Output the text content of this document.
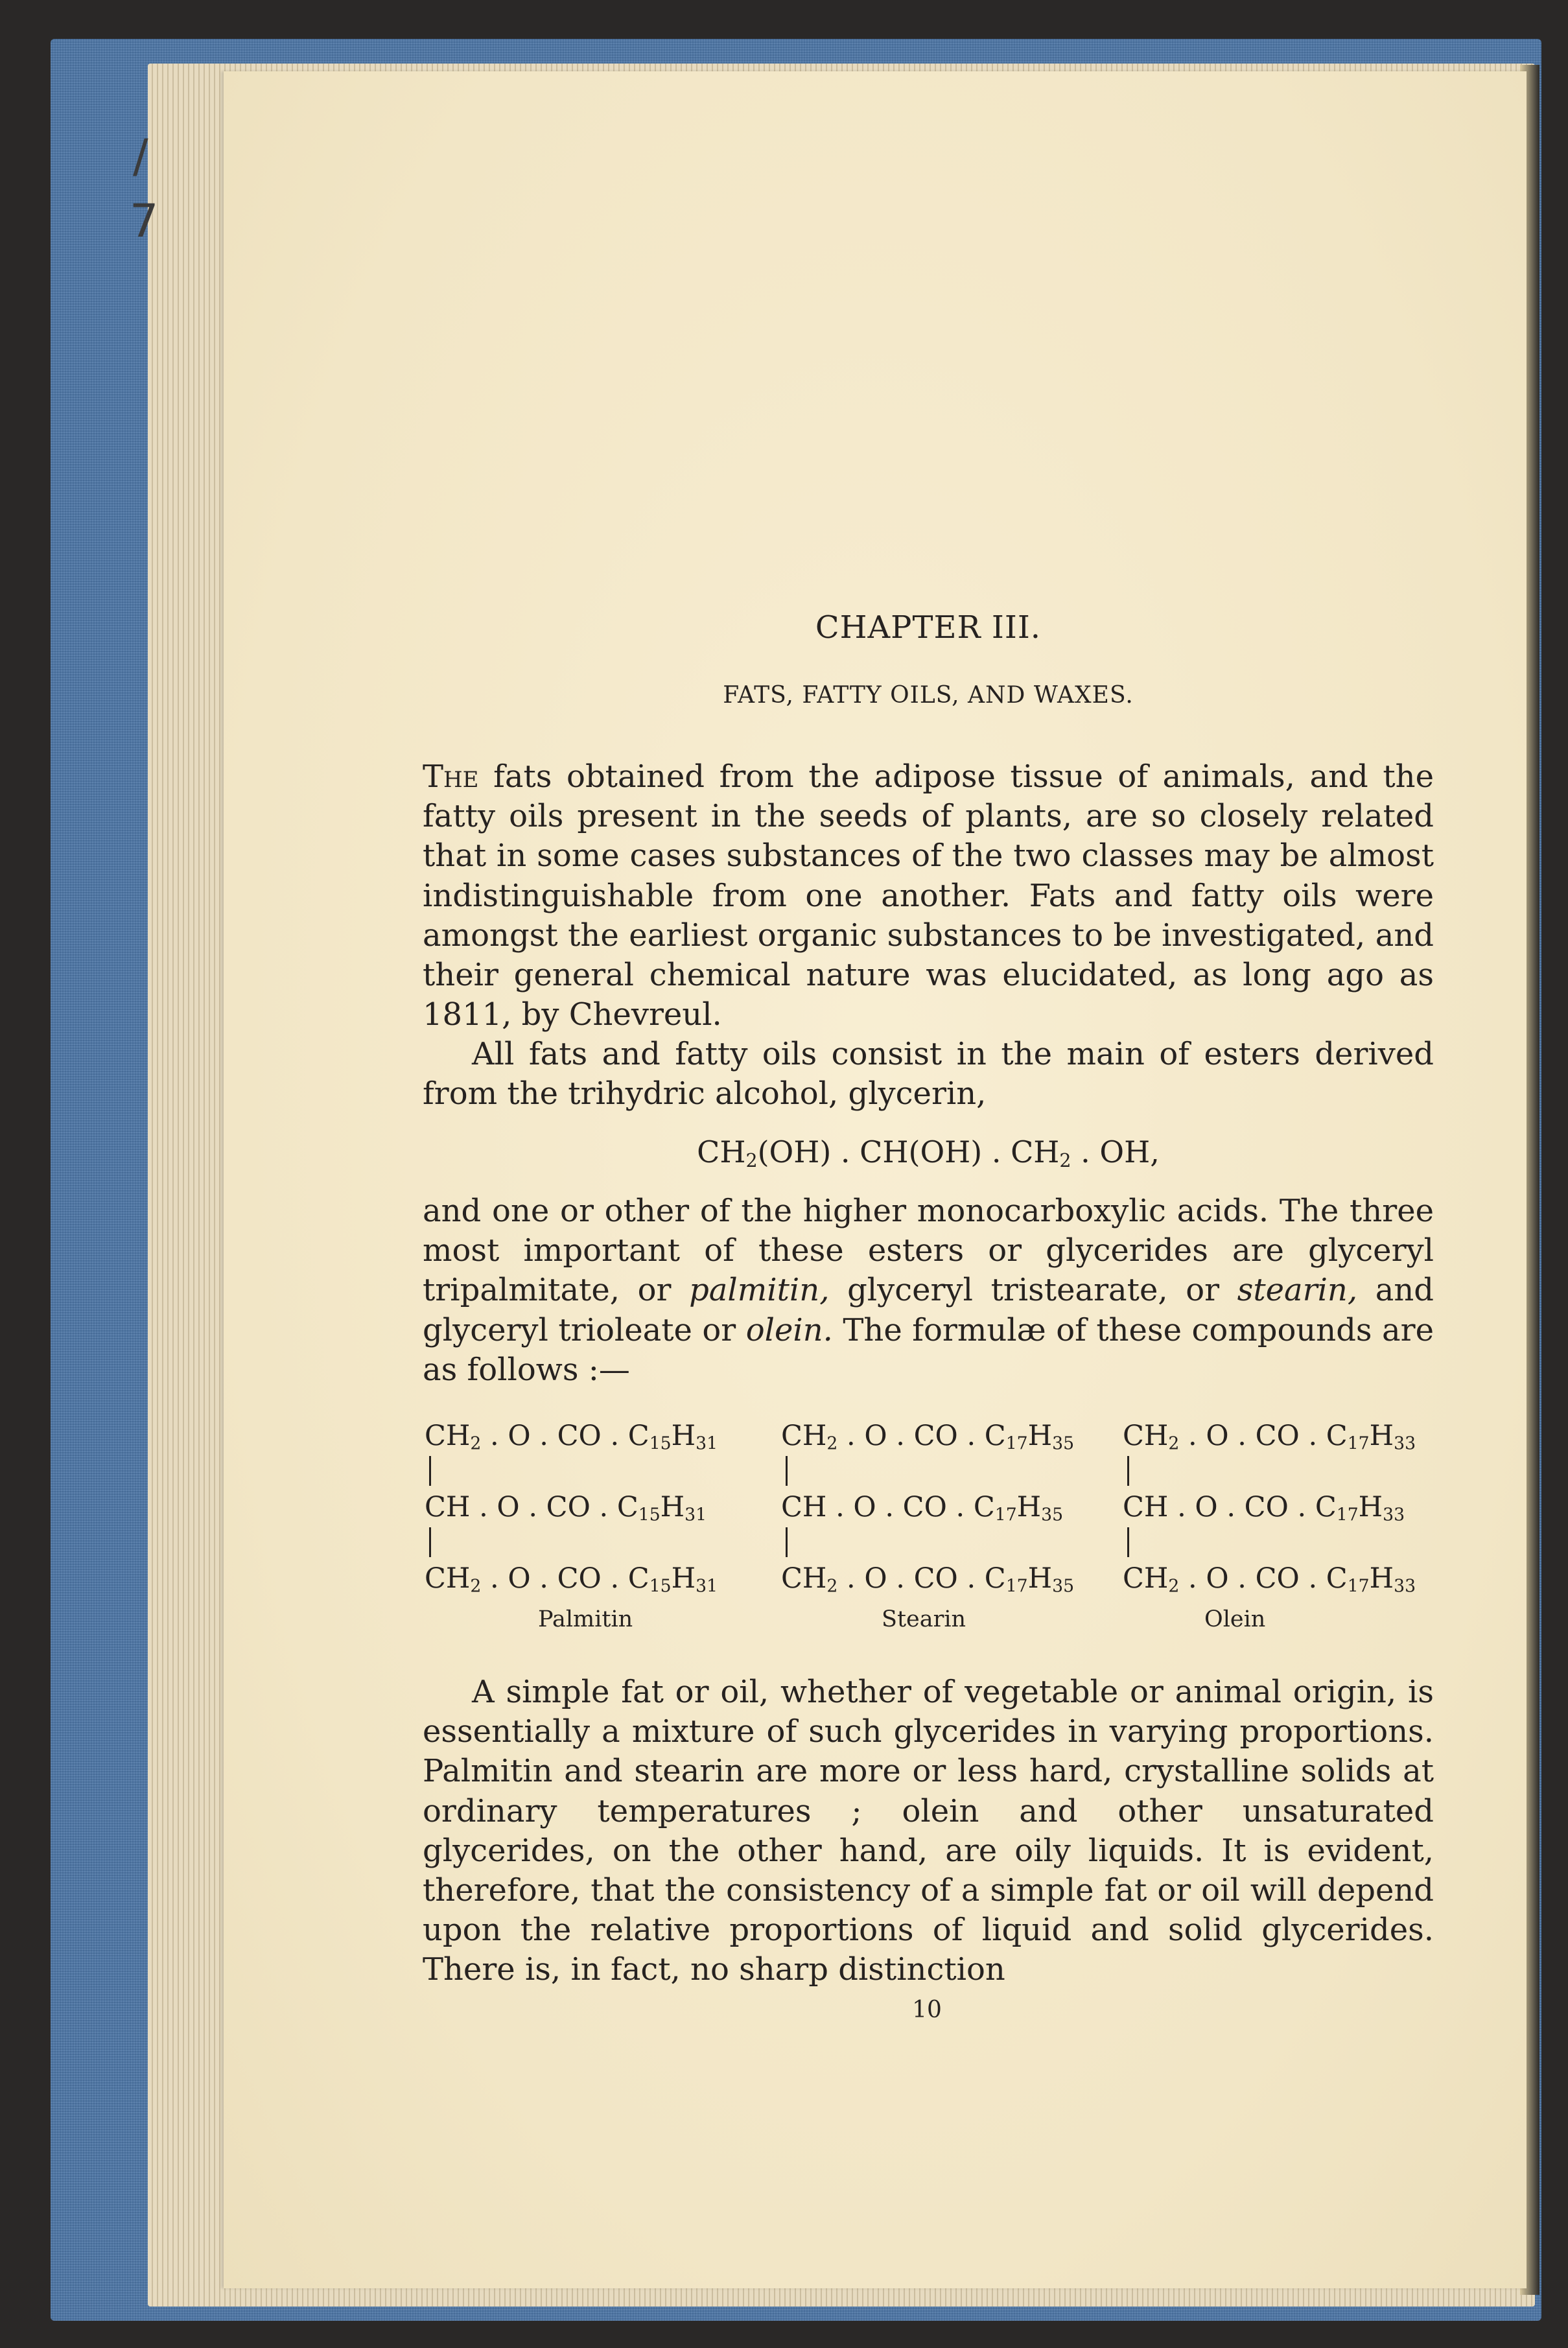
/
7
CHAPTER III.
FATS, FATTY OILS, AND WAXES.
The fats obtained from the adipose tissue of animals, and the fatty oils present in the seeds of plants, are so closely related that in some cases substances of the two classes may be almost indistinguishable from one another. Fats and fatty oils were amongst the earliest organic substances to be investigated, and their general chemical nature was elucidated, as long ago as 1811, by Chevreul.
All fats and fatty oils consist in the main of esters derived from the trihydric alcohol, glycerin,
$CH_2(OH)$ . CH(OH) . $CH_2$ . OH,
and one or other of the higher monocarboxylic acids. The three most important of these esters or glycerides are glyceryl tripalmitate, or palmitin, glyceryl tristearate, or stearin, and glyceryl trioleate or olein. The formulæ of these compounds are as follows :—
$CH_2$ . O . CO . $C_{15}H_{31}$
CH . O . CO . $C_{15}H_{31}$
$CH_2$ . O . CO . $C_{15}H_{31}$
Palmitin
$CH_2$ . O . CO . $C_{17}H_{35}$
CH . O . CO . $C_{17}H_{35}$
$CH_2$ . O . CO . $C_{17}H_{35}$
Stearin
$CH_2$ . O . CO . $C_{17}H_{33}$
CH . O . CO . $C_{17}H_{33}$
$CH_2$ . O . CO . $C_{17}H_{33}$
Olein
A simple fat or oil, whether of vegetable or animal origin, is essentially a mixture of such glycerides in varying proportions. Palmitin and stearin are more or less hard, crystalline solids at ordinary temperatures ; olein and other unsaturated glycerides, on the other hand, are oily liquids. It is evident, therefore, that the consistency of a simple fat or oil will depend upon the relative proportions of liquid and solid glycerides. There is, in fact, no sharp distinction
10
